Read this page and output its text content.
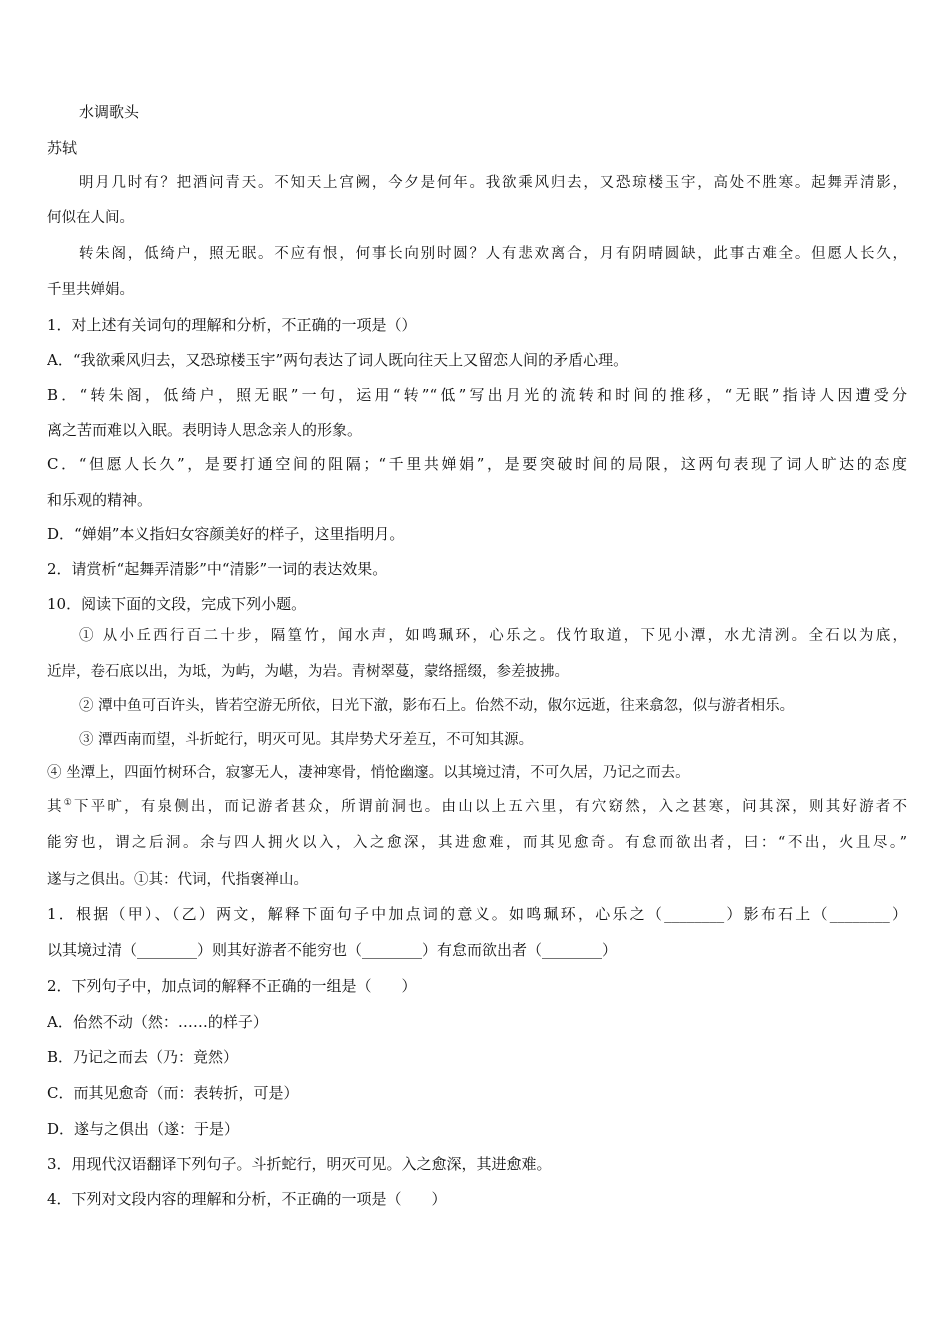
水调歌头
苏轼
明月几时有？把酒问青天。不知天上宫阙，今夕是何年。我欲乘风归去，又恐琼楼玉宇，高处不胜寒。起舞弄清影，
何似在人间。
转朱阁，低绮户，照无眠。不应有恨，何事长向别时圆？人有悲欢离合，月有阴晴圆缺，此事古难全。但愿人长久，
千里共婵娟。
1．对上述有关词句的理解和分析，不正确的一项是（）
A．“我欲乘风归去，又恐琼楼玉宇”两句表达了词人既向往天上又留恋人间的矛盾心理。
B．“转朱阁，低绮户，照无眠”一句，运用“转”“低”写出月光的流转和时间的推移，“无眠”指诗人因遭受分
离之苦而难以入眠。表明诗人思念亲人的形象。
C．“但愿人长久”，是要打通空间的阻隔；“千里共婵娟”，是要突破时间的局限，这两句表现了词人旷达的态度
和乐观的精神。
D．“婵娟”本义指妇女容颜美好的样子，这里指明月。
2．请赏析“起舞弄清影”中“清影”一词的表达效果。
10．阅读下面的文段，完成下列小题。
① 从小丘西行百二十步，隔篁竹，闻水声，如鸣珮环，心乐之。伐竹取道，下见小潭，水尤清洌。全石以为底，
近岸，卷石底以出，为坻，为屿，为嵁，为岩。青树翠蔓，蒙络摇缀，参差披拂。
② 潭中鱼可百许头，皆若空游无所依，日光下澈，影布石上。佁然不动，俶尔远逝，往来翕忽，似与游者相乐。
③ 潭西南而望，斗折蛇行，明灭可见。其岸势犬牙差互，不可知其源。
④ 坐潭上，四面竹树环合，寂寥无人，凄神寒骨，悄怆幽邃。以其境过清，不可久居，乃记之而去。
其①下平旷，有泉侧出，而记游者甚众，所谓前洞也。由山以上五六里，有穴窈然，入之甚寒，问其深，则其好游者不
能穷也，谓之后洞。余与四人拥火以入，入之愈深，其进愈难，而其见愈奇。有怠而欲出者，曰：“不出，火且尽。”
遂与之俱出。①其：代词，代指褒禅山。
1．根据（甲）、（乙）两文，解释下面句子中加点词的意义。如鸣珮环，心乐之（________）影布石上（________）
以其境过清（________）则其好游者不能穷也（________）有怠而欲出者（________）
2．下列句子中，加点词的解释不正确的一组是（　　）
A．佁然不动（然：……的样子）
B．乃记之而去（乃：竟然）
C．而其见愈奇（而：表转折，可是）
D．遂与之俱出（遂：于是）
3．用现代汉语翻译下列句子。斗折蛇行，明灭可见。入之愈深，其进愈难。
4．下列对文段内容的理解和分析，不正确的一项是（　　）
